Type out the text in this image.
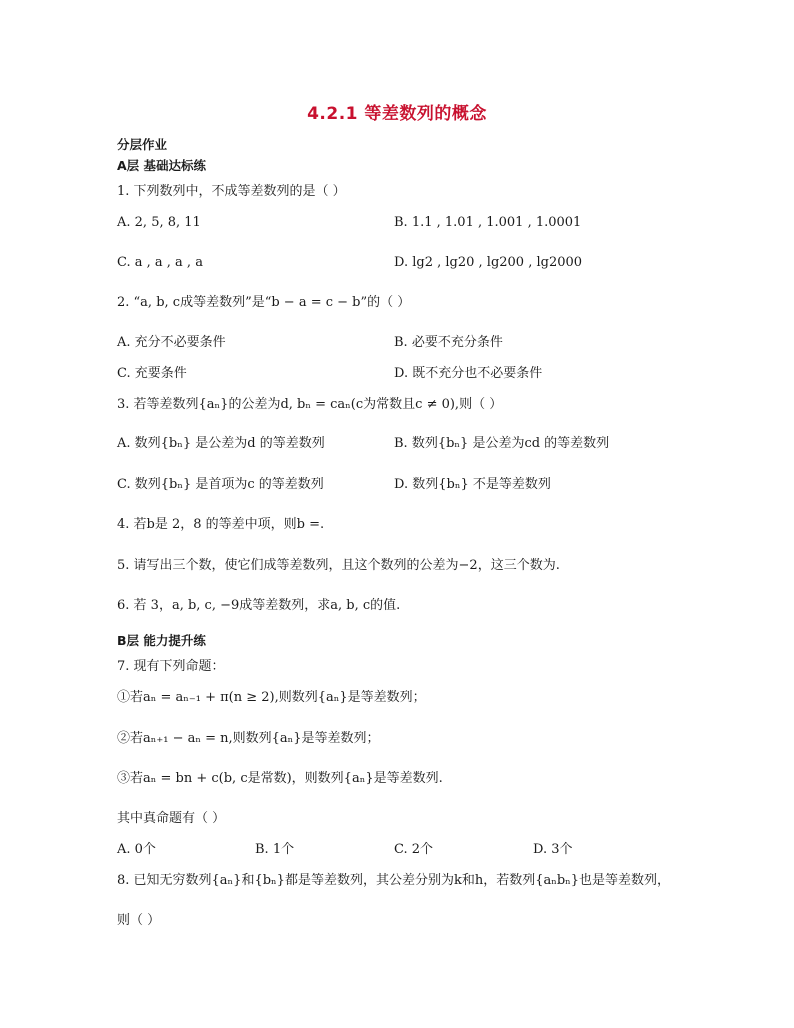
4.2.1 等差数列的概念
分层作业
A层 基础达标练
1. 下列数列中，不成等差数列的是（ ）
A. 2, 5, 8, 11	B. 1.1 , 1.01 , 1.001 , 1.0001
C. a , a , a , a	D. lg2 , lg20 , lg200 , lg2000
2. “a, b, c成等差数列”是“b − a = c − b”的（ ）
A. 充分不必要条件	B. 必要不充分条件
C. 充要条件	D. 既不充分也不必要条件
3. 若等差数列{aₙ}的公差为d, bₙ = caₙ(c为常数且c ≠ 0),则（ ）
A. 数列{bₙ} 是公差为d 的等差数列	B. 数列{bₙ} 是公差为cd 的等差数列
C. 数列{bₙ} 是首项为c 的等差数列	D. 数列{bₙ} 不是等差数列
4. 若b是 2，8 的等差中项，则b =.
5. 请写出三个数，使它们成等差数列，且这个数列的公差为−2，这三个数为.
6. 若 3，a, b, c, −9成等差数列，求a, b, c的值.
B层 能力提升练
7. 现有下列命题：
①若aₙ = aₙ₋₁ + π(n ≥ 2),则数列{aₙ}是等差数列；
②若aₙ₊₁ − aₙ = n,则数列{aₙ}是等差数列；
③若aₙ = bn + c(b, c是常数)，则数列{aₙ}是等差数列.
其中真命题有（ ）
A. 0个	B. 1个	C. 2个	D. 3个
8. 已知无穷数列{aₙ}和{bₙ}都是等差数列，其公差分别为k和h，若数列{aₙbₙ}也是等差数列，
则（ ）
